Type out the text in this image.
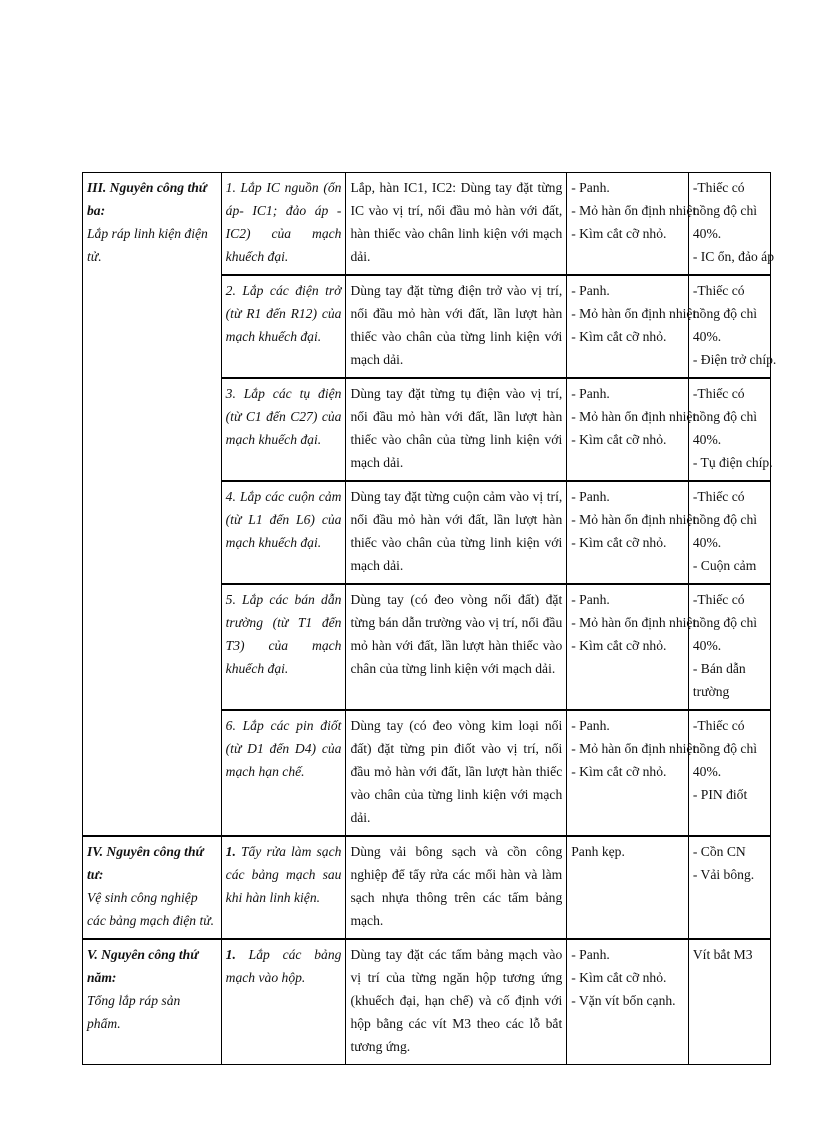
III. Nguyên công thứ ba:
Lắp ráp linh kiện điện tử.	1. Lắp IC nguồn (ổn áp- IC1; đảo áp - IC2) của mạch khuếch đại.	Lắp, hàn IC1, IC2: Dùng tay đặt từng IC vào vị trí, nối đầu mỏ hàn với đất, hàn thiếc vào chân linh kiện với mạch dải.	- Panh.
- Mỏ hàn ổn định nhiệt.
- Kìm cắt cỡ nhỏ.	-Thiếc có nồng độ chì 40%.

- IC ổn, đảo áp

	2. Lắp các điện trở (từ R1 đến R12) của mạch khuếch đại.	Dùng tay đặt từng điện trở vào vị trí, nối đầu mỏ hàn với đất, lần lượt hàn thiếc vào chân của từng linh kiện với mạch dải.	- Panh.
- Mỏ hàn ổn định nhiệt.
- Kìm cắt cỡ nhỏ.	-Thiếc có nồng độ chì 40%.

- Điện trở chíp.

	3. Lắp các tụ điện (từ C1 đến C27) của mạch khuếch đại.	Dùng tay đặt từng tụ điện vào vị trí, nối đầu mỏ hàn với đất, lần lượt hàn thiếc vào chân của từng linh kiện với mạch dải.	- Panh.
- Mỏ hàn ổn định nhiệt.
- Kìm cắt cỡ nhỏ.	-Thiếc có nồng độ chì 40%.

- Tụ điện chíp.

	4. Lắp các cuộn cảm (từ L1 đến L6) của mạch khuếch đại.	Dùng tay đặt từng cuộn cảm vào vị trí, nối đầu mỏ hàn với đất, lần lượt hàn thiếc vào chân của từng linh kiện với mạch dải.	- Panh.
- Mỏ hàn ổn định nhiệt.
- Kìm cắt cỡ nhỏ.	-Thiếc có nồng độ chì 40%.

- Cuộn cảm

	5. Lắp các bán dẫn trường (từ T1 đến T3) của mạch khuếch đại.	Dùng tay (có đeo vòng nối đất) đặt từng bán dẫn trường vào vị trí, nối đầu mỏ hàn với đất, lần lượt hàn thiếc vào chân của từng linh kiện với mạch dải.	- Panh.
- Mỏ hàn ổn định nhiệt.
- Kìm cắt cỡ nhỏ.	-Thiếc có nồng độ chì 40%.
- Bán dẫn trường
	6. Lắp các pin điốt (từ D1 đến D4) của mạch hạn chế.	Dùng tay (có đeo vòng kim loại nối đất) đặt từng pin điốt vào vị trí, nối đầu mỏ hàn với đất, lần lượt hàn thiếc vào chân của từng linh kiện với mạch dải.	- Panh.
- Mỏ hàn ổn định nhiệt.
- Kìm cắt cỡ nhỏ.	-Thiếc có nồng độ chì 40%.

- PIN điốt

IV. Nguyên công thứ tư:
Vệ sinh công nghiệp các bảng mạch điện tử.	1. Tẩy rửa làm sạch các bảng mạch sau khi hàn linh kiện.	Dùng vải bông sạch và cồn công nghiệp để tẩy rửa các mối hàn và làm sạch nhựa thông trên các tấm bảng mạch.	Panh kẹp.	- Cồn CN
- Vải bông.

V. Nguyên công thứ năm:
Tổng lắp ráp sản phẩm.	1. Lắp các bảng mạch vào hộp.	Dùng tay đặt các tấm bảng mạch vào vị trí của từng ngăn hộp tương ứng (khuếch đại, hạn chế) và cố định với hộp bằng các vít M3 theo các lỗ bắt tương ứng.	- Panh.
- Kìm cắt cỡ nhỏ.
- Vặn vít bốn cạnh.	Vít bắt M3
